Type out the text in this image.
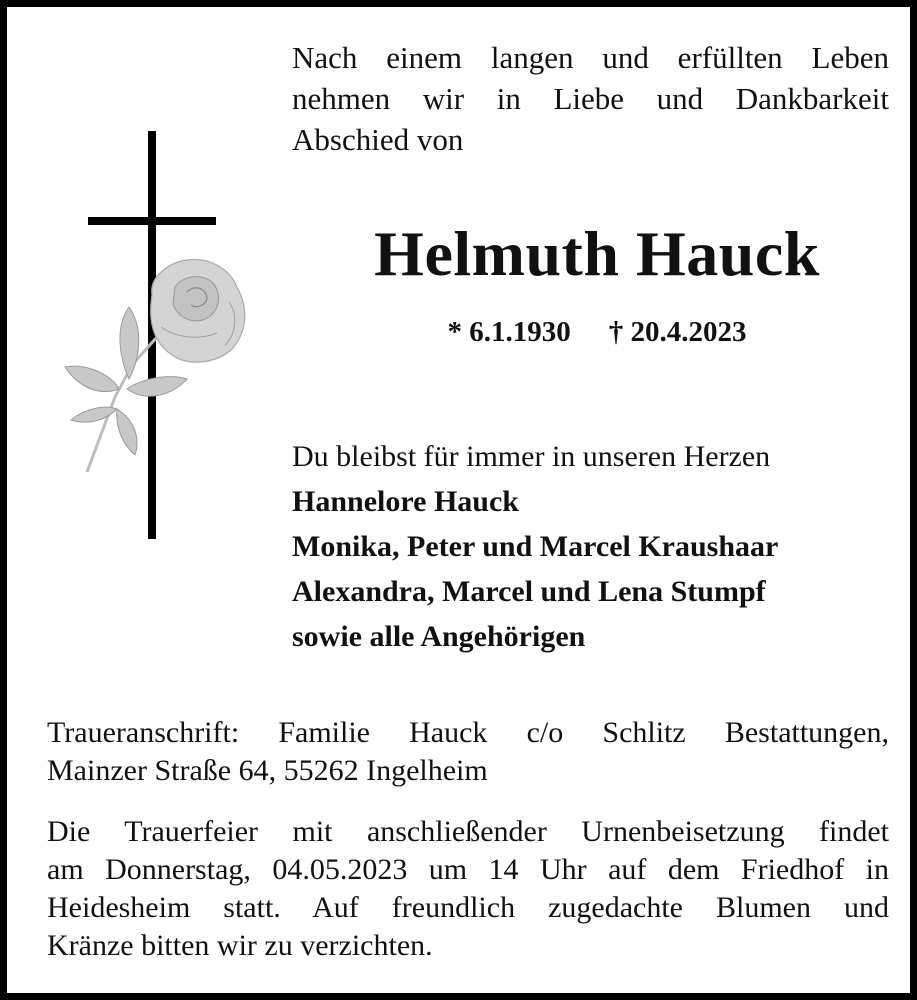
Nach einem langen und erfüllten Leben
nehmen wir in Liebe und Dankbarkeit
Abschied von
Helmuth Hauck
* 6.1.1930 † 20.4.2023
Du bleibst für immer in unseren Herzen
Hannelore Hauck
Monika, Peter und Marcel Kraushaar
Alexandra, Marcel und Lena Stumpf
sowie alle Angehörigen
Traueranschrift: Familie Hauck c/o Schlitz Bestattungen,
Mainzer Straße 64, 55262 Ingelheim
Die Trauerfeier mit anschließender Urnenbeisetzung findet
am Donnerstag, 04.05.2023 um 14 Uhr auf dem Friedhof in
Heidesheim statt. Auf freundlich zugedachte Blumen und
Kränze bitten wir zu verzichten.
